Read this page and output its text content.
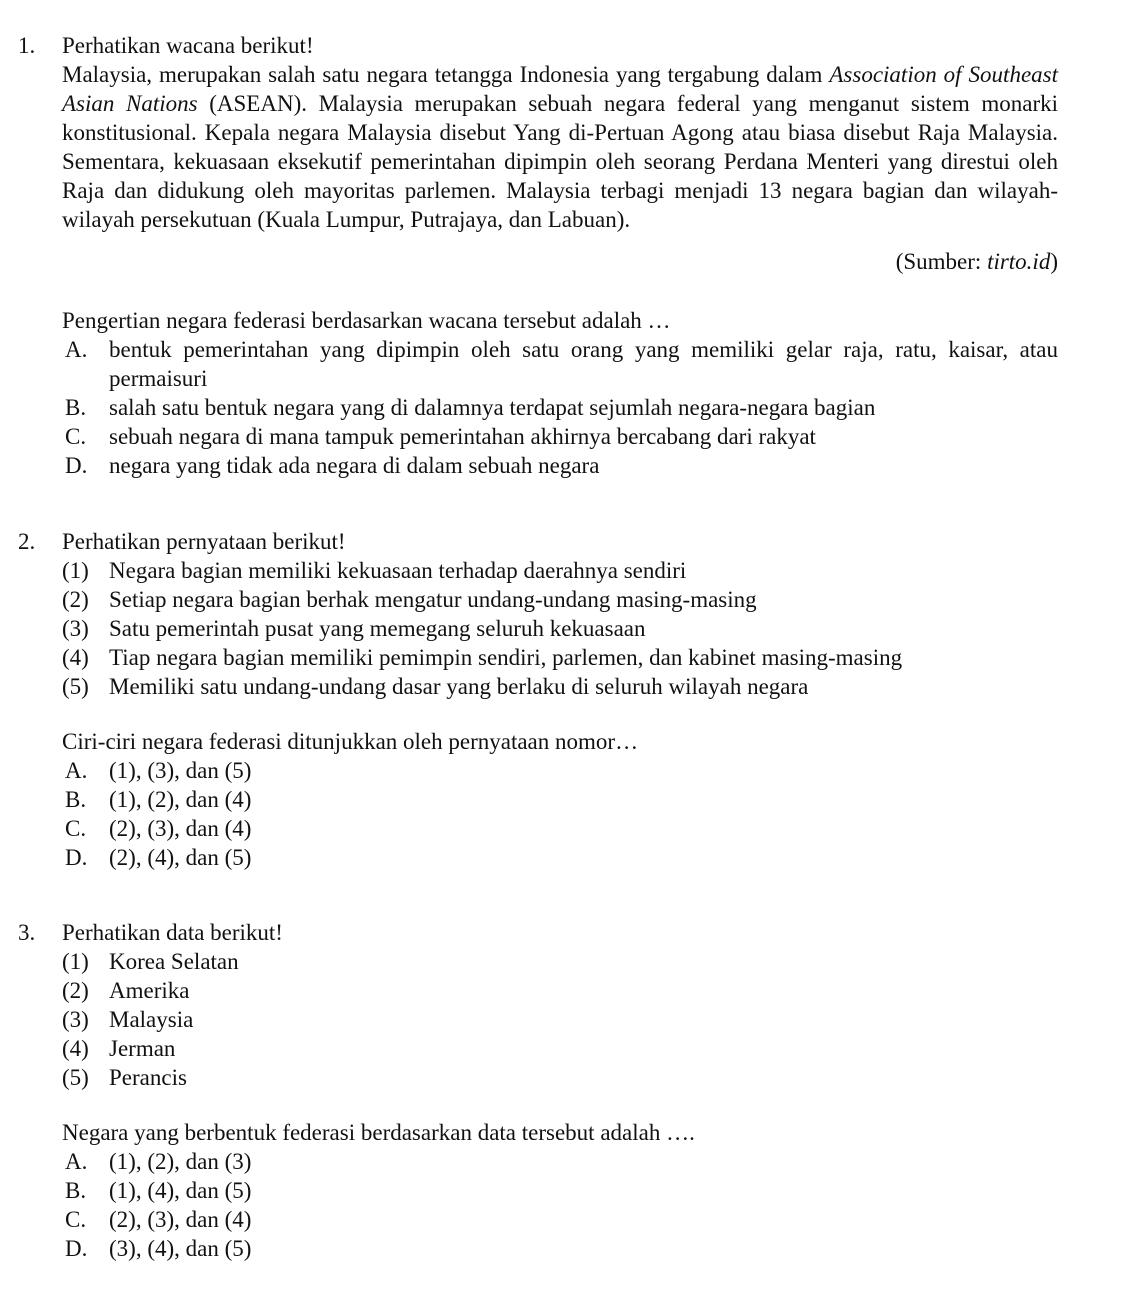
1.	Perhatikan wacana berikut!

Malaysia, merupakan salah satu negara tetangga Indonesia yang tergabung dalam Association of Southeast Asian Nations (ASEAN). Malaysia merupakan sebuah negara federal yang menganut sistem monarki konstitusional. Kepala negara Malaysia disebut Yang di-Pertuan Agong atau biasa disebut Raja Malaysia. Sementara, kekuasaan eksekutif pemerintahan dipimpin oleh seorang Perdana Menteri yang direstui oleh Raja dan didukung oleh mayoritas parlemen. Malaysia terbagi menjadi 13 negara bagian dan wilayah-wilayah persekutuan (Kuala Lumpur, Putrajaya, dan Labuan).

(Sumber: tirto.id)
Pengertian negara federasi berdasarkan wacana tersebut adalah …
A. bentuk pemerintahan yang dipimpin oleh satu orang yang memiliki gelar raja, ratu, kaisar, atau permaisuri
B. salah satu bentuk negara yang di dalamnya terdapat sejumlah negara-negara bagian
C. sebuah negara di mana tampuk pemerintahan akhirnya bercabang dari rakyat
D. negara yang tidak ada negara di dalam sebuah negara
2.	Perhatikan pernyataan berikut!
(1) Negara bagian memiliki kekuasaan terhadap daerahnya sendiri
(2) Setiap negara bagian berhak mengatur undang-undang masing-masing
(3) Satu pemerintah pusat yang memegang seluruh kekuasaan
(4) Tiap negara bagian memiliki pemimpin sendiri, parlemen, dan kabinet masing-masing
(5) Memiliki satu undang-undang dasar yang berlaku di seluruh wilayah negara
Ciri-ciri negara federasi ditunjukkan oleh pernyataan nomor…
A. (1), (3), dan (5)
B. (1), (2), dan (4)
C. (2), (3), dan (4)
D. (2), (4), dan (5)
3.	Perhatikan data berikut!
(1) Korea Selatan
(2) Amerika
(3) Malaysia
(4) Jerman
(5) Perancis
Negara yang berbentuk federasi berdasarkan data tersebut adalah ….
A. (1), (2), dan (3)
B. (1), (4), dan (5)
C. (2), (3), dan (4)
D. (3), (4), dan (5)
